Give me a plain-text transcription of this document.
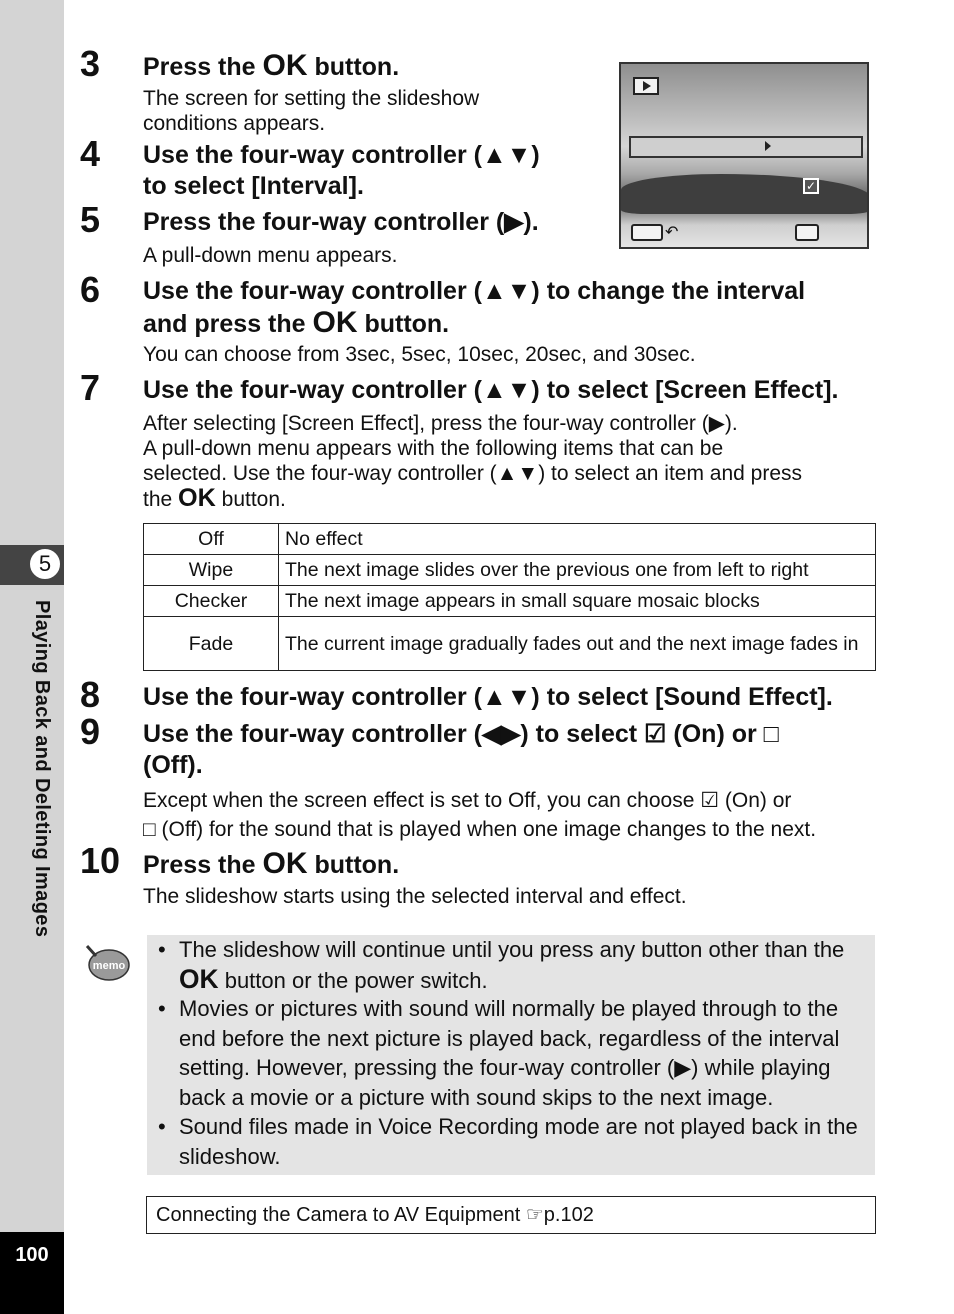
5
Playing Back and Deleting Images
100
3 Press the OK button.
The screen for setting the slideshow
conditions appears.
✓
↶
4 Use the four-way controller (▲▼)
to select [Interval].
5 Press the four-way controller (▶).
A pull-down menu appears.
6 Use the four-way controller (▲▼) to change the interval
and press the OK button.
You can choose from 3sec, 5sec, 10sec, 20sec, and 30sec.
7 Use the four-way controller (▲▼) to select [Screen Effect].
After selecting [Screen Effect], press the four-way controller (▶).
A pull-down menu appears with the following items that can be
selected. Use the four-way controller (▲▼) to select an item and press
the OK button.
Off	No effect
Wipe	The next image slides over the previous one from left to right
Checker	The next image appears in small square mosaic blocks
Fade	The current image gradually fades out and the next image fades in
8 Use the four-way controller (▲▼) to select [Sound Effect].
9 Use the four-way controller (◀▶) to select ☑ (On) or □
(Off).
Except when the screen effect is set to Off, you can choose ☑ (On) or
□ (Off) for the sound that is played when one image changes to the next.
10 Press the OK button.
The slideshow starts using the selected interval and effect.
memo
• The slideshow will continue until you press any button other than the OK button or the power switch.
• Movies or pictures with sound will normally be played through to the end before the next picture is played back, regardless of the interval setting. However, pressing the four-way controller (▶) while playing back a movie or a picture with sound skips to the next image.
• Sound files made in Voice Recording mode are not played back in the slideshow.
Connecting the Camera to AV Equipment ☞p.102
